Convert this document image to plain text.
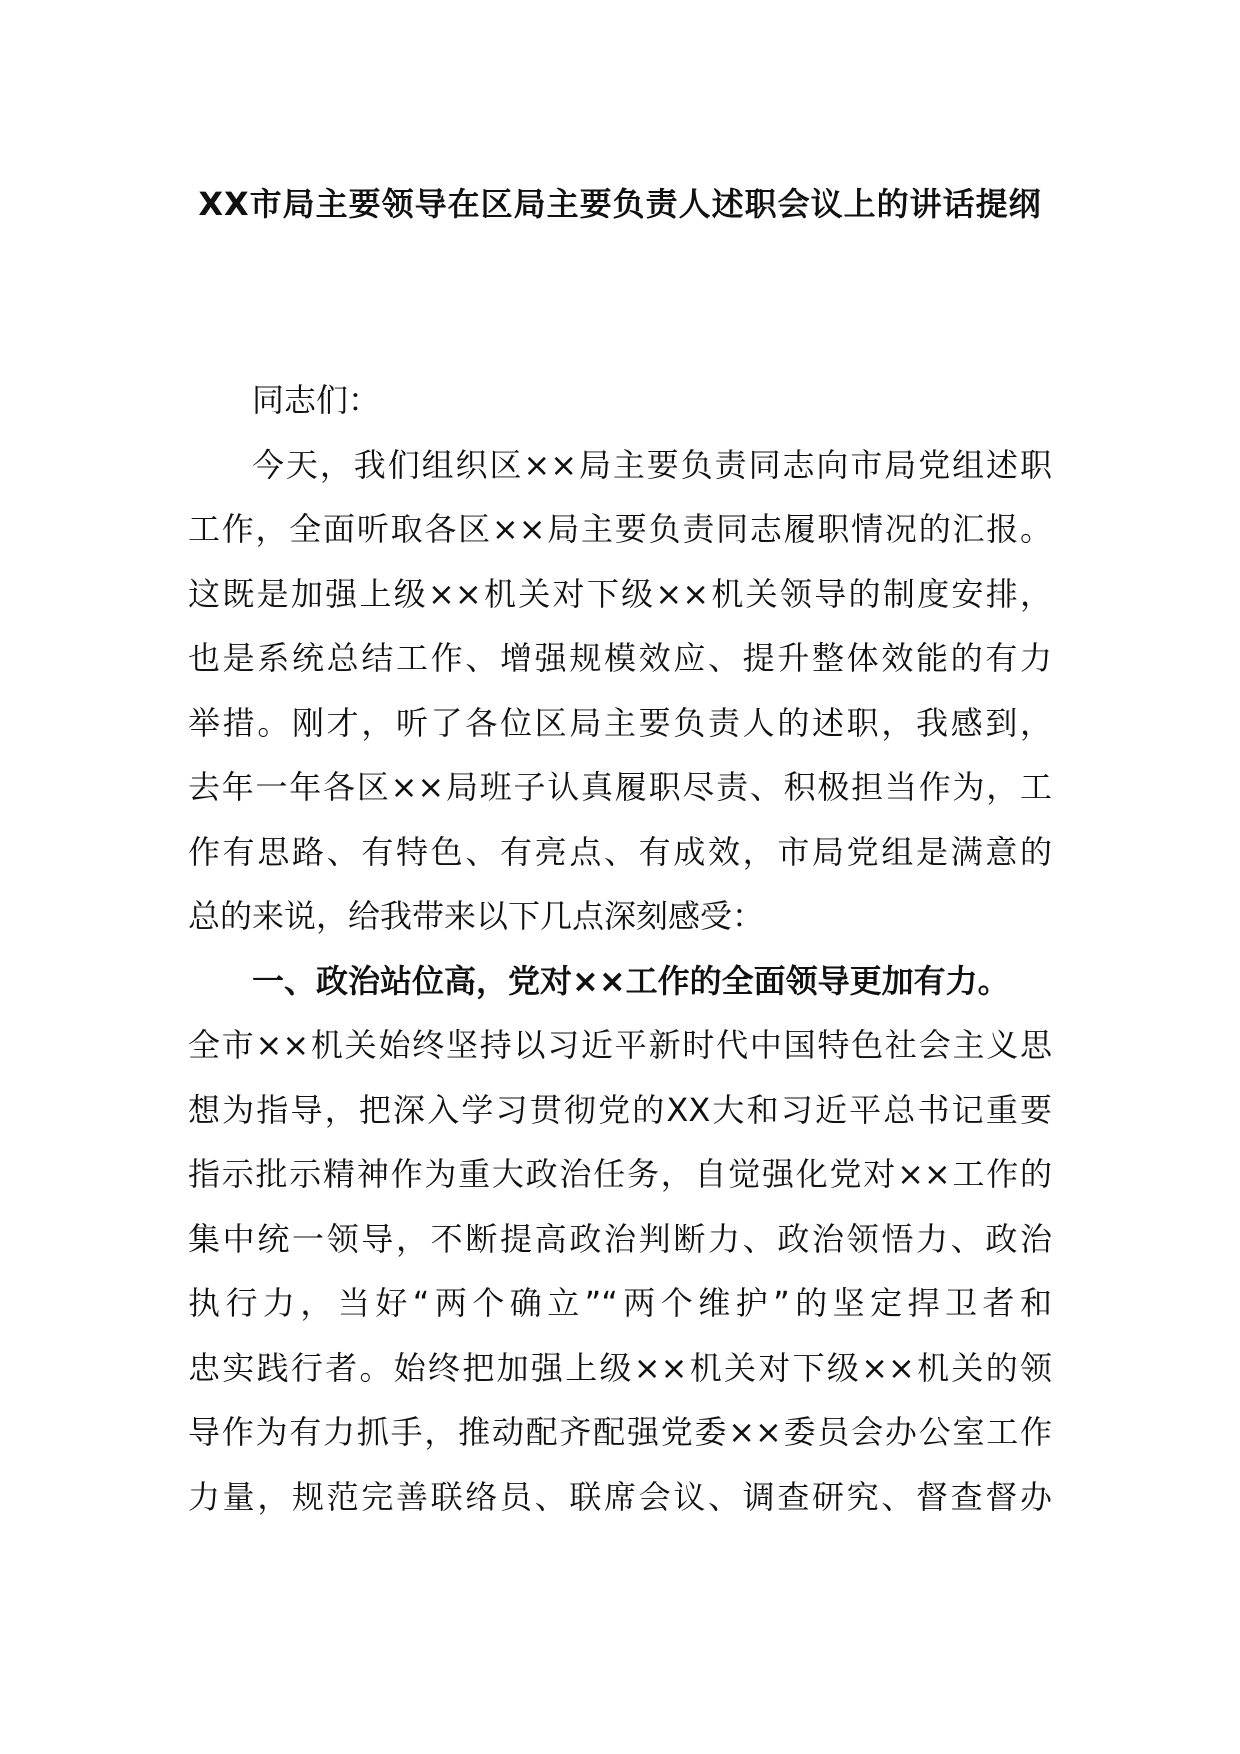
XX市局主要领导在区局主要负责人述职会议上的讲话提纲
同志们：
今天，我们组织区××局主要负责同志向市局党组述职
工作，全面听取各区××局主要负责同志履职情况的汇报。
这既是加强上级××机关对下级××机关领导的制度安排，
也是系统总结工作、增强规模效应、提升整体效能的有力
举措。刚才，听了各位区局主要负责人的述职，我感到，
去年一年各区××局班子认真履职尽责、积极担当作为，工
作有思路、有特色、有亮点、有成效，市局党组是满意的
总的来说，给我带来以下几点深刻感受：
一、政治站位高，党对××工作的全面领导更加有力。
全市××机关始终坚持以习近平新时代中国特色社会主义思
想为指导，把深入学习贯彻党的XX大和习近平总书记重要
指示批示精神作为重大政治任务，自觉强化党对××工作的
集中统一领导，不断提高政治判断力、政治领悟力、政治
执行力，当好“两个确立”“两个维护”的坚定捍卫者和
忠实践行者。始终把加强上级××机关对下级××机关的领
导作为有力抓手，推动配齐配强党委××委员会办公室工作
力量，规范完善联络员、联席会议、调查研究、督查督办
